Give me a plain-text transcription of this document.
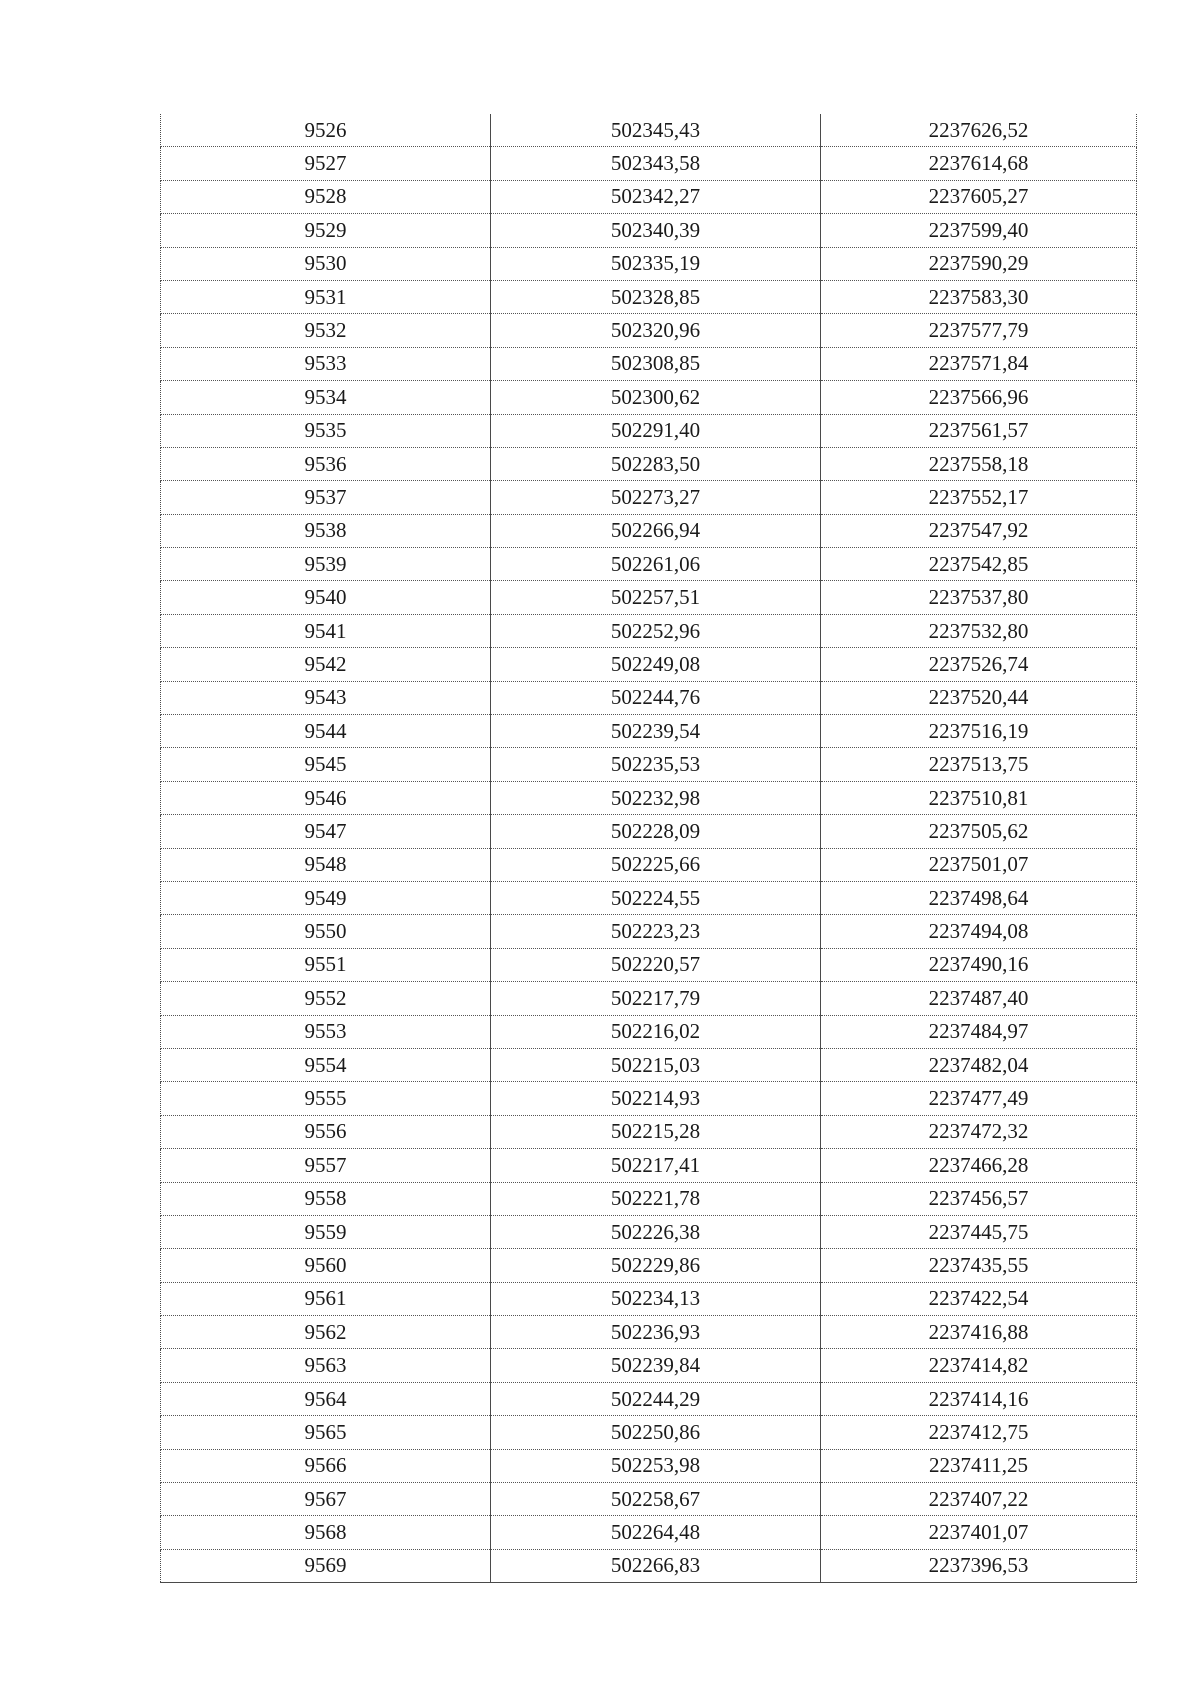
9526	502345,43	2237626,52
9527	502343,58	2237614,68
9528	502342,27	2237605,27
9529	502340,39	2237599,40
9530	502335,19	2237590,29
9531	502328,85	2237583,30
9532	502320,96	2237577,79
9533	502308,85	2237571,84
9534	502300,62	2237566,96
9535	502291,40	2237561,57
9536	502283,50	2237558,18
9537	502273,27	2237552,17
9538	502266,94	2237547,92
9539	502261,06	2237542,85
9540	502257,51	2237537,80
9541	502252,96	2237532,80
9542	502249,08	2237526,74
9543	502244,76	2237520,44
9544	502239,54	2237516,19
9545	502235,53	2237513,75
9546	502232,98	2237510,81
9547	502228,09	2237505,62
9548	502225,66	2237501,07
9549	502224,55	2237498,64
9550	502223,23	2237494,08
9551	502220,57	2237490,16
9552	502217,79	2237487,40
9553	502216,02	2237484,97
9554	502215,03	2237482,04
9555	502214,93	2237477,49
9556	502215,28	2237472,32
9557	502217,41	2237466,28
9558	502221,78	2237456,57
9559	502226,38	2237445,75
9560	502229,86	2237435,55
9561	502234,13	2237422,54
9562	502236,93	2237416,88
9563	502239,84	2237414,82
9564	502244,29	2237414,16
9565	502250,86	2237412,75
9566	502253,98	2237411,25
9567	502258,67	2237407,22
9568	502264,48	2237401,07
9569	502266,83	2237396,53
